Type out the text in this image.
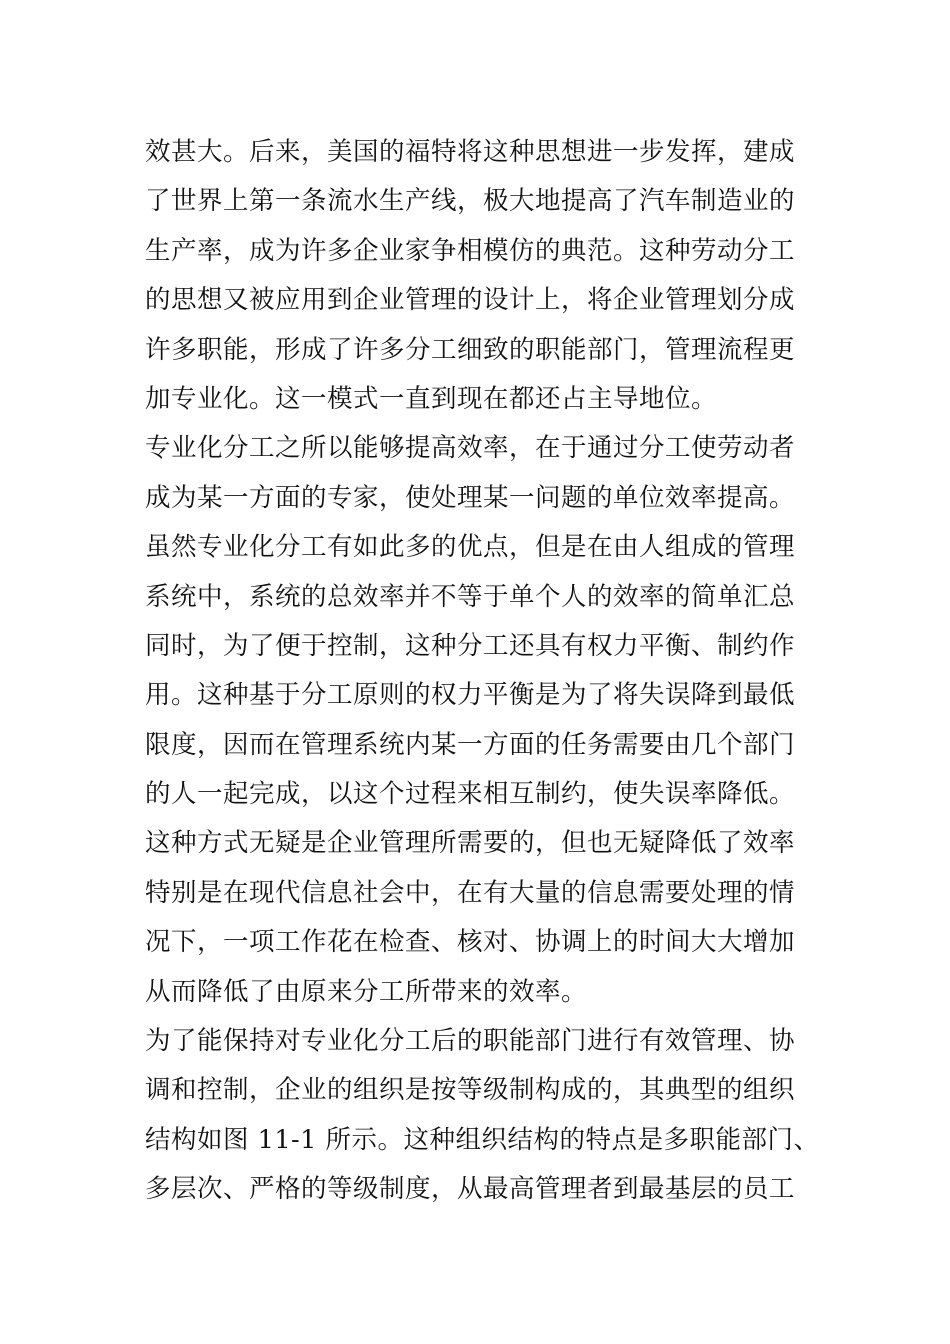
效甚大。后来，美国的福特将这种思想进一步发挥，建成
了世界上第一条流水生产线，极大地提高了汽车制造业的
生产率，成为许多企业家争相模仿的典范。这种劳动分工
的思想又被应用到企业管理的设计上，将企业管理划分成
许多职能，形成了许多分工细致的职能部门，管理流程更
加专业化。这一模式一直到现在都还占主导地位。
专业化分工之所以能够提高效率，在于通过分工使劳动者
成为某一方面的专家，使处理某一问题的单位效率提高。
虽然专业化分工有如此多的优点，但是在由人组成的管理
系统中，系统的总效率并不等于单个人的效率的简单汇总
同时，为了便于控制，这种分工还具有权力平衡、制约作
用。这种基于分工原则的权力平衡是为了将失误降到最低
限度，因而在管理系统内某一方面的任务需要由几个部门
的人一起完成，以这个过程来相互制约，使失误率降低。
这种方式无疑是企业管理所需要的，但也无疑降低了效率
特别是在现代信息社会中，在有大量的信息需要处理的情
况下，一项工作花在检查、核对、协调上的时间大大增加
从而降低了由原来分工所带来的效率。
为了能保持对专业化分工后的职能部门进行有效管理、协
调和控制，企业的组织是按等级制构成的，其典型的组织
结构如图 11-1 所示。这种组织结构的特点是多职能部门、
多层次、严格的等级制度，从最高管理者到最基层的员工
